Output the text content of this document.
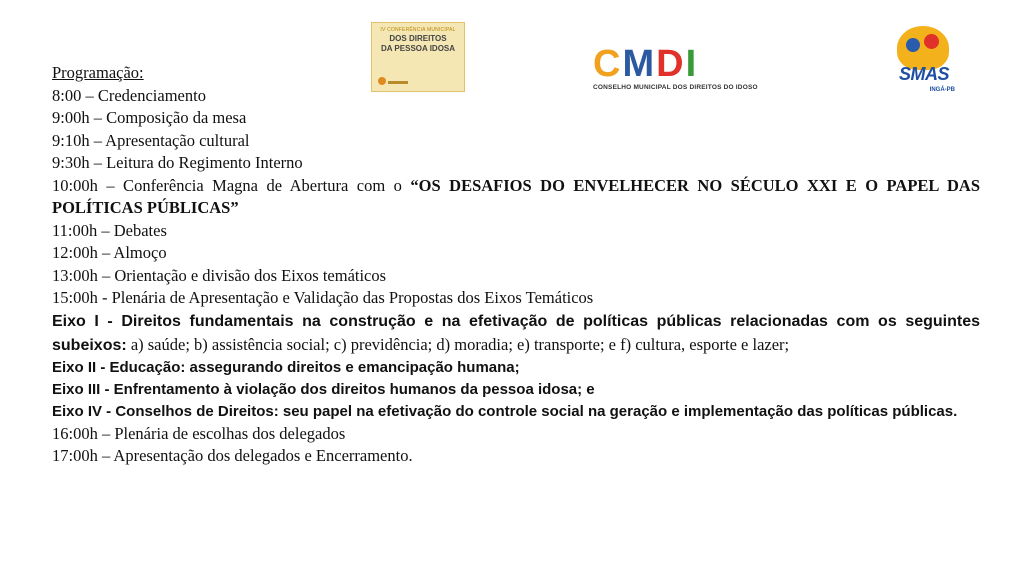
IV CONFERÊNCIA MUNICIPAL
DOS DIREITOS
DA PESSOA IDOSA	CMDI
CONSELHO MUNICIPAL DOS DIREITOS DO IDOSO
SMAS
INGÁ-PB
Programação:
8:00 – Credenciamento
9:00h – Composição da mesa
9:10h – Apresentação cultural
9:30h – Leitura do Regimento Interno
10:00h – Conferência Magna de Abertura com o “OS DESAFIOS DO ENVELHECER NO SÉCULO XXI E O PAPEL DAS POLÍTICAS PÚBLICAS”
11:00h – Debates
12:00h – Almoço
13:00h – Orientação e divisão dos Eixos temáticos
15:00h - Plenária de Apresentação e Validação das Propostas dos Eixos Temáticos
Eixo I - Direitos fundamentais na construção e na efetivação de políticas públicas relacionadas com os seguintes subeixos: a) saúde; b) assistência social; c) previdência; d) moradia; e) transporte; e f) cultura, esporte e lazer;
Eixo II - Educação: assegurando direitos e emancipação humana;
Eixo III - Enfrentamento à violação dos direitos humanos da pessoa idosa; e
Eixo IV - Conselhos de Direitos: seu papel na efetivação do controle social na geração e implementação das políticas públicas.
16:00h – Plenária de escolhas dos delegados
17:00h – Apresentação dos delegados e Encerramento.
